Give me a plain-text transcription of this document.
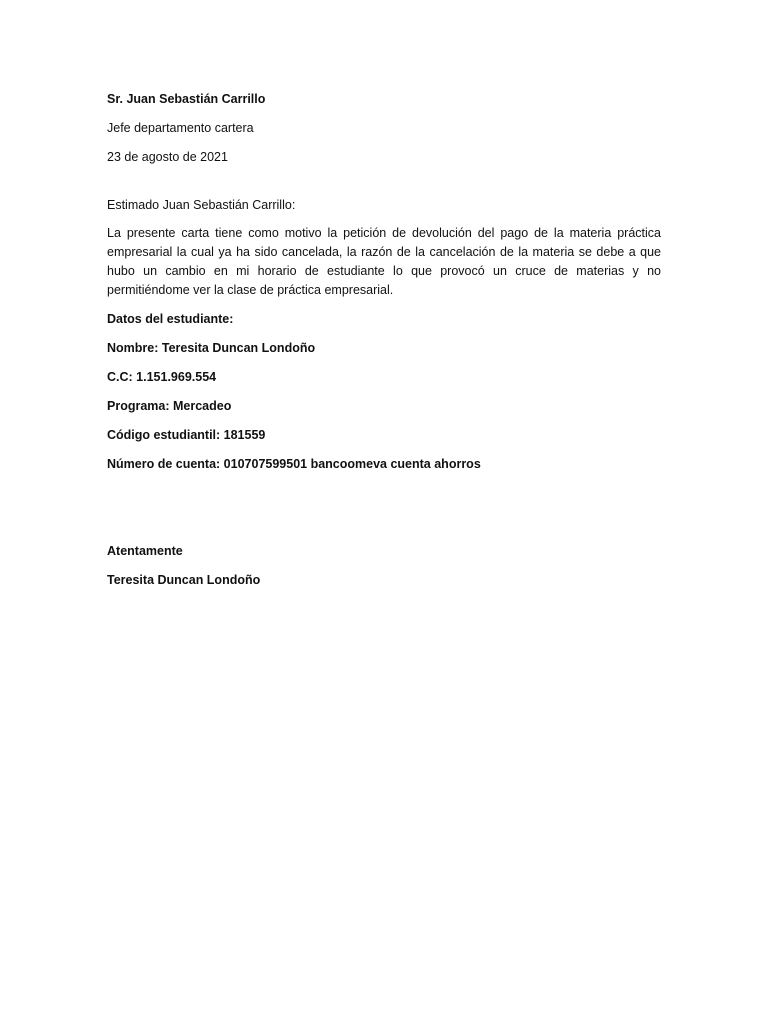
Sr. Juan Sebastián Carrillo

Jefe departamento cartera

23 de agosto de 2021

Estimado Juan Sebastián Carrillo:

La presente carta tiene como motivo la petición de devolución del pago de la materia práctica empresarial la cual ya ha sido cancelada, la razón de la cancelación de la materia se debe a que hubo un cambio en mi horario de estudiante lo que provocó un cruce de materias y no permitiéndome ver la clase de práctica empresarial.

Datos del estudiante:

Nombre: Teresita Duncan Londoño

C.C: 1.151.969.554

Programa: Mercadeo

Código estudiantil: 181559

Número de cuenta: 010707599501 bancoomeva cuenta ahorros

Atentamente

Teresita Duncan Londoño
